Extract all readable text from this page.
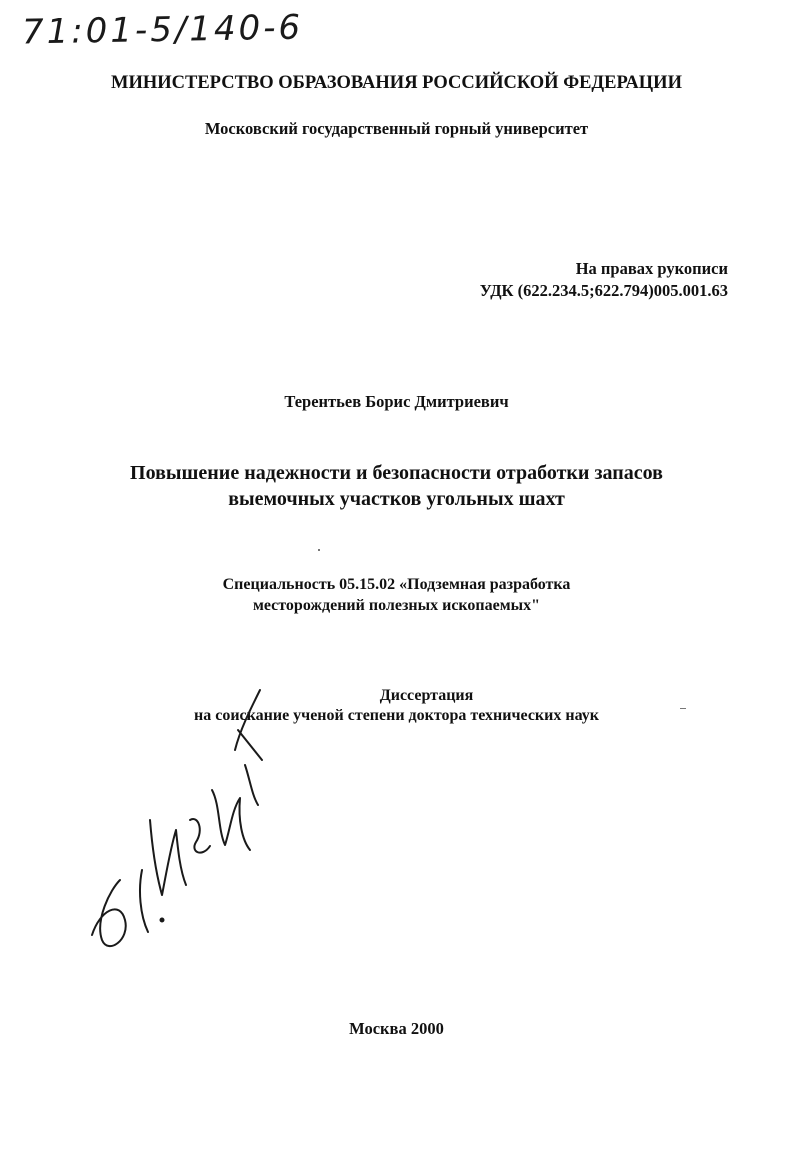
71:01-5/140-6
МИНИСТЕРСТВО ОБРАЗОВАНИЯ РОССИЙСКОЙ ФЕДЕРАЦИИ
Московский государственный горный университет
На правах рукописи
УДК (622.234.5;622.794)005.001.63
Терентьев Борис Дмитриевич
Повышение надежности и безопасности отработки запасов
выемочных участков угольных шахт
Специальность 05.15.02 «Подземная разработка
месторождений полезных ископаемых"
Диссертация
на соискание ученой степени доктора технических наук
Москва 2000
